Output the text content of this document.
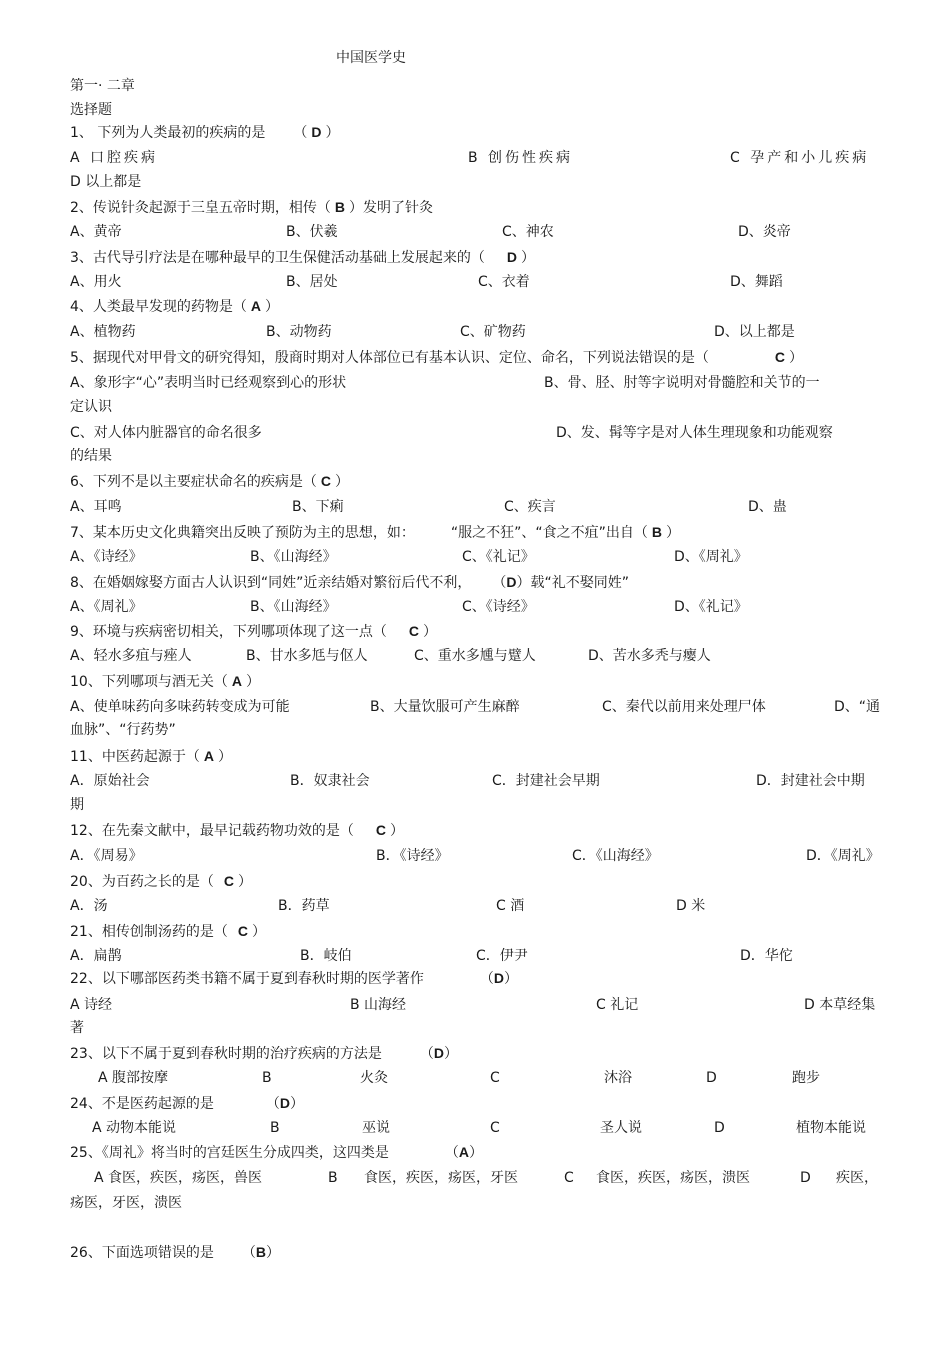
中国医学史
第一· 二章
选择题
1、 下列为人类最初的疾病的是 （ D ）
A 口腔疾病	B 创伤性疾病	C 孕产和小儿疾病
D 以上都是
2、传说针灸起源于三皇五帝时期，相传（ B ）发明了针灸
A、黄帝	B、伏羲	C、神农	D、炎帝
3、古代导引疗法是在哪种最早的卫生保健活动基础上发展起来的（ D ）
A、用火	B、居处	C、衣着	D、舞蹈
4、人类最早发现的药物是（ A ）
A、植物药	B、动物药	C、矿物药	D、以上都是
5、据现代对甲骨文的研究得知，殷商时期对人体部位已有基本认识、定位、命名，下列说法错误的是（	C ）
A、象形字“心”表明当时已经观察到心的形状	B、骨、胫、肘等字说明对骨髓腔和关节的一
定认识
C、对人体内脏器官的命名很多	D、发、髯等字是对人体生理现象和功能观察
的结果
6、下列不是以主要症状命名的疾病是（ C ）
A、耳鸣	B、下痢	C、疾言	D、蛊
7、某本历史文化典籍突出反映了预防为主的思想，如：	“服之不狂”、“食之不疽”出自（ B ）
A、《诗经》	B、《山海经》	C、《礼记》	D、《周礼》
8、在婚姻嫁娶方面古人认识到“同姓”近亲结婚对繁衍后代不利， （D）载“礼不娶同姓”
A、《周礼》	B、《山海经》	C、《诗经》	D、《礼记》
9、环境与疾病密切相关，下列哪项体现了这一点（ C ）
A、轻水多疽与痤人	B、甘水多尪与伛人	C、重水多尰与躄人	D、苦水多秃与瘿人
10、下列哪项与酒无关（ A ）
A、使单味药向多味药转变成为可能	B、大量饮服可产生麻醉	C、秦代以前用来处理尸体	D、“通
血脉”、“行药势”
11、中医药起源于（ A ）
A．原始社会	B．奴隶社会	C．封建社会早期	D．封建社会中期
期
12、在先秦文献中，最早记载药物功效的是（ C ）
A．《周易》	B．《诗经》	C．《山海经》	D．《周礼》
20、为百药之长的是（ C ）
A．汤	B．药草	C 酒	D 米
21、相传创制汤药的是（ C ）
A．扁鹊	B．岐伯	C．伊尹	D．华佗
22、以下哪部医药类书籍不属于夏到春秋时期的医学著作	（D）
A 诗经	B 山海经	C 礼记	D 本草经集
著
23、以下不属于夏到春秋时期的治疗疾病的方法是	（D）
A 腹部按摩	B	火灸	C	沐浴	D	跑步
24、不是医药起源的是	（D）
A 动物本能说	B	巫说	C	圣人说	D	植物本能说
25、《周礼》将当时的宫廷医生分成四类，这四类是	（A）
A 食医，疾医，疡医，兽医	B 食医，疾医，疡医，牙医	C 食医，疾医，疡医，溃医	D 疾医，
疡医，牙医，溃医
26、下面选项错误的是 （B）
